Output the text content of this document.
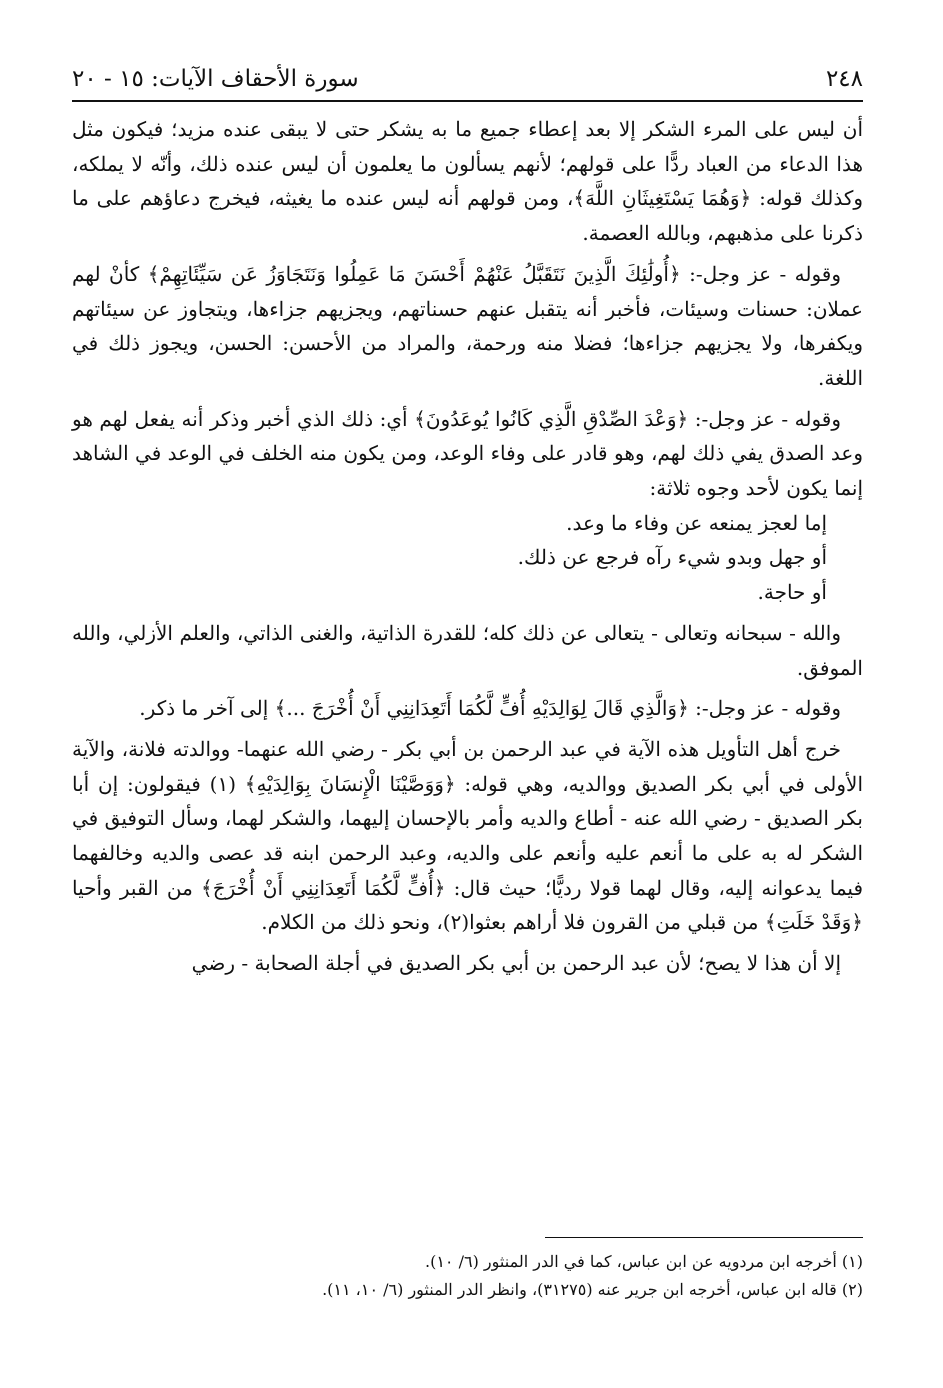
٢٤٨
سورة الأحقاف الآيات: ١٥ - ٢٠

أن ليس على المرء الشكر إلا بعد إعطاء جميع ما به يشكر حتى لا يبقى عنده مزيد؛ فيكون مثل هذا الدعاء من العباد ردًّا على قولهم؛ لأنهم يسألون ما يعلمون أن ليس عنده ذلك، وأنّه لا يملكه، وكذلك قوله: ﴿وَهُمَا يَسْتَغِيثَانِ اللَّهَ﴾، ومن قولهم أنه ليس عنده ما يغيثه، فيخرج دعاؤهم على ما ذكرنا على مذهبهم، وبالله العصمة.

وقوله - عز وجل-: ﴿أُولَٰئِكَ الَّذِينَ نَتَقَبَّلُ عَنْهُمْ أَحْسَنَ مَا عَمِلُوا وَنَتَجَاوَزُ عَن سَيِّئَاتِهِمْ﴾ كأنْ لهم عملان: حسنات وسيئات، فأخبر أنه يتقبل عنهم حسناتهم، ويجزيهم جزاءها، ويتجاوز عن سيئاتهم ويكفرها، ولا يجزيهم جزاءها؛ فضلا منه ورحمة، والمراد من الأحسن: الحسن، ويجوز ذلك في اللغة.

وقوله - عز وجل-: ﴿وَعْدَ الصِّدْقِ الَّذِي كَانُوا يُوعَدُونَ﴾ أي: ذلك الذي أخبر وذكر أنه يفعل لهم هو وعد الصدق يفي ذلك لهم، وهو قادر على وفاء الوعد، ومن يكون منه الخلف في الوعد في الشاهد إنما يكون لأحد وجوه ثلاثة:

إما لعجز يمنعه عن وفاء ما وعد.

أو جهل وبدو شيء رآه فرجع عن ذلك.

أو حاجة.

والله - سبحانه وتعالى - يتعالى عن ذلك كله؛ للقدرة الذاتية، والغنى الذاتي، والعلم الأزلي، والله الموفق.

وقوله - عز وجل-: ﴿وَالَّذِي قَالَ لِوَالِدَيْهِ أُفٍّ لَّكُمَا أَتَعِدَانِنِي أَنْ أُخْرَجَ ...﴾ إلى آخر ما ذكر.

خرج أهل التأويل هذه الآية في عبد الرحمن بن أبي بكر - رضي الله عنهما- ووالدته فلانة، والآية الأولى في أبي بكر الصديق ووالديه، وهي قوله: ﴿وَوَصَّيْنَا الْإِنسَانَ بِوَالِدَيْهِ﴾ (١) فيقولون: إن أبا بكر الصديق - رضي الله عنه - أطاع والديه وأمر بالإحسان إليهما، والشكر لهما، وسأل التوفيق في الشكر له به على ما أنعم عليه وأنعم على والديه، وعبد الرحمن ابنه قد عصى والديه وخالفهما فيما يدعوانه إليه، وقال لهما قولا رديًّا؛ حيث قال: ﴿أُفٍّ لَّكُمَا أَتَعِدَانِنِي أَنْ أُخْرَجَ﴾ من القبر وأحيا ﴿وَقَدْ خَلَتِ﴾ من قبلي من القرون فلا أراهم بعثوا(٢)، ونحو ذلك من الكلام.

إلا أن هذا لا يصح؛ لأن عبد الرحمن بن أبي بكر الصديق في أجلة الصحابة - رضي

(١) أخرجه ابن مردويه عن ابن عباس، كما في الدر المنثور (٦/ ١٠).

(٢) قاله ابن عباس، أخرجه ابن جرير عنه (٣١٢٧٥)، وانظر الدر المنثور (٦/ ١٠، ١١).
